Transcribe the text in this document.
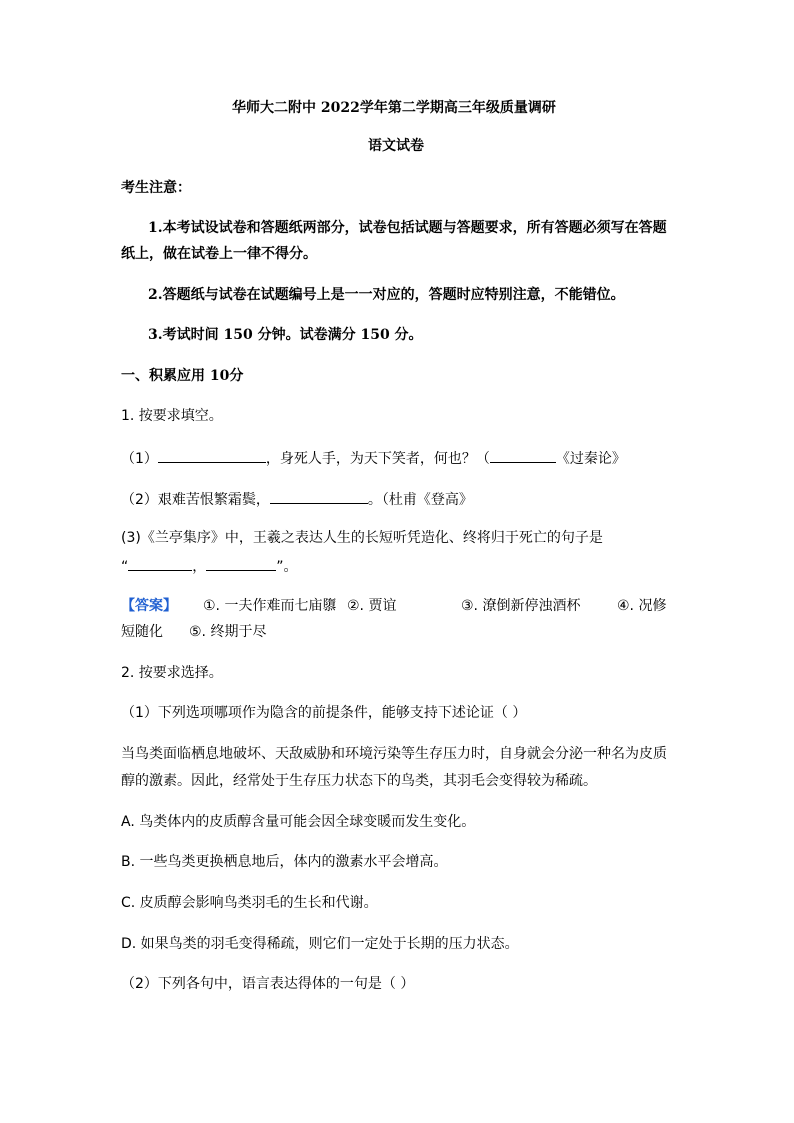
华师大二附中 2022学年第二学期高三年级质量调研
语文试卷
考生注意：
1.本考试设试卷和答题纸两部分，试卷包括试题与答题要求，所有答题必须写在答题
纸上，做在试卷上一律不得分。
2.答题纸与试卷在试题编号上是一一对应的，答题时应特别注意，不能错位。
3.考试时间 150 分钟。试卷满分 150 分。
一、积累应用 10分
1. 按要求填空。
（1）	，身死人手，为天下笑者，何也？（	《过秦论》
（2）艰难苦恨繁霜鬓，	。（杜甫《登高》
(3)《兰亭集序》中，王羲之表达人生的长短听凭造化、终将归于死亡的句子是
“	，	”。
【答案】 ①. 一夫作难而七庙隳 ②. 贾谊	③. 潦倒新停浊酒杯	④. 况修
短随化 ⑤. 终期于尽
2. 按要求选择。
（1）下列选项哪项作为隐含的前提条件，能够支持下述论证（ ）
当鸟类面临栖息地破坏、天敌威胁和环境污染等生存压力时，自身就会分泌一种名为皮质
醇的激素。因此，经常处于生存压力状态下的鸟类，其羽毛会变得较为稀疏。
A. 鸟类体内的皮质醇含量可能会因全球变暖而发生变化。
B. 一些鸟类更换栖息地后，体内的激素水平会增高。
C. 皮质醇会影响鸟类羽毛的生长和代谢。
D. 如果鸟类的羽毛变得稀疏，则它们一定处于长期的压力状态。
（2）下列各句中，语言表达得体的一句是（ ）
